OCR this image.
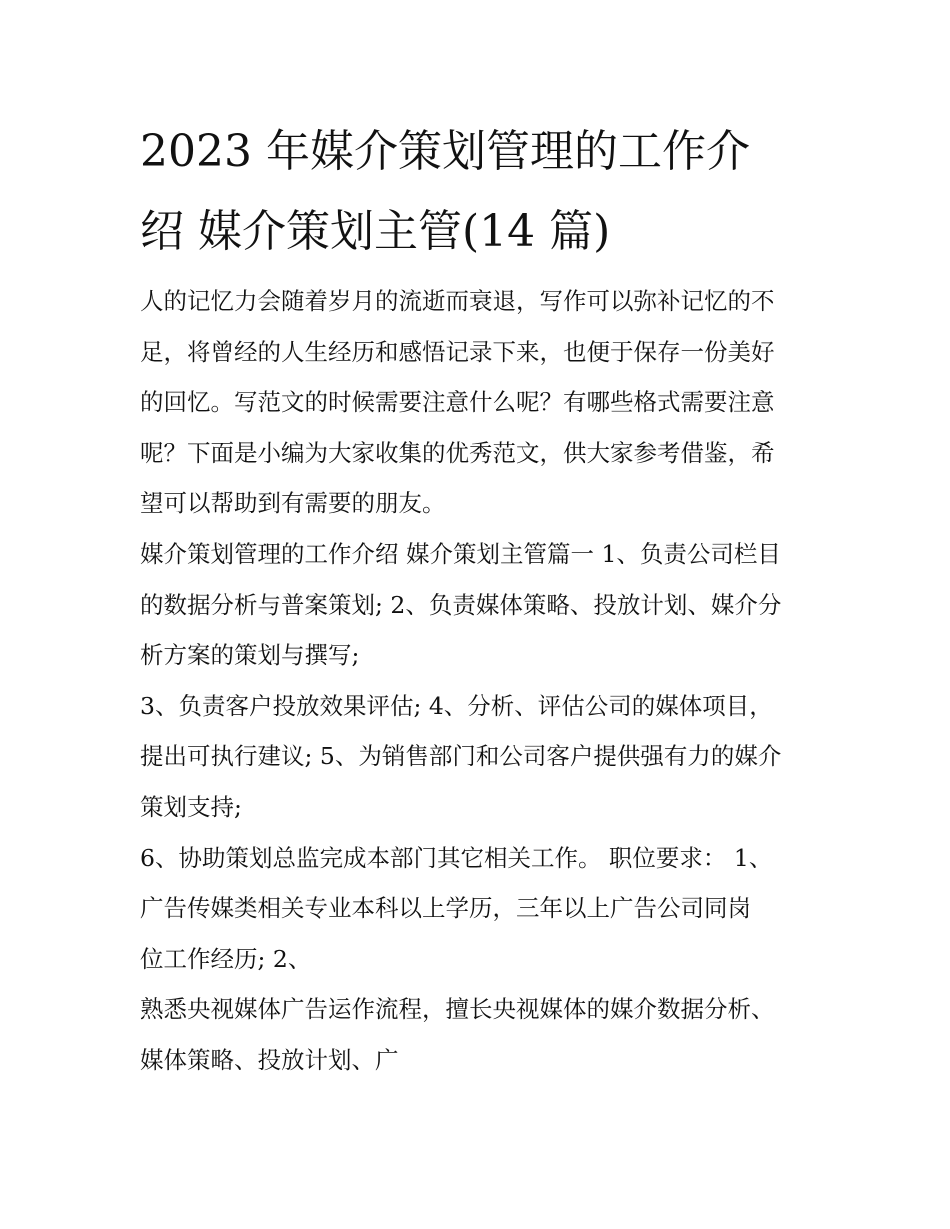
2023 年媒介策划管理的工作介
绍 媒介策划主管(14 篇)
人的记忆力会随着岁月的流逝而衰退，写作可以弥补记忆的不
足，将曾经的人生经历和感悟记录下来，也便于保存一份美好
的回忆。写范文的时候需要注意什么呢？有哪些格式需要注意
呢？下面是小编为大家收集的优秀范文，供大家参考借鉴，希
望可以帮助到有需要的朋友。
媒介策划管理的工作介绍 媒介策划主管篇一 1、负责公司栏目
的数据分析与普案策划; 2、负责媒体策略、投放计划、媒介分
析方案的策划与撰写;
3、负责客户投放效果评估; 4、分析、评估公司的媒体项目，
提出可执行建议; 5、为销售部门和公司客户提供强有力的媒介
策划支持;
6、协助策划总监完成本部门其它相关工作。 职位要求： 1、
广告传媒类相关专业本科以上学历，三年以上广告公司同岗
位工作经历; 2、
熟悉央视媒体广告运作流程，擅长央视媒体的媒介数据分析、
媒体策略、投放计划、广
